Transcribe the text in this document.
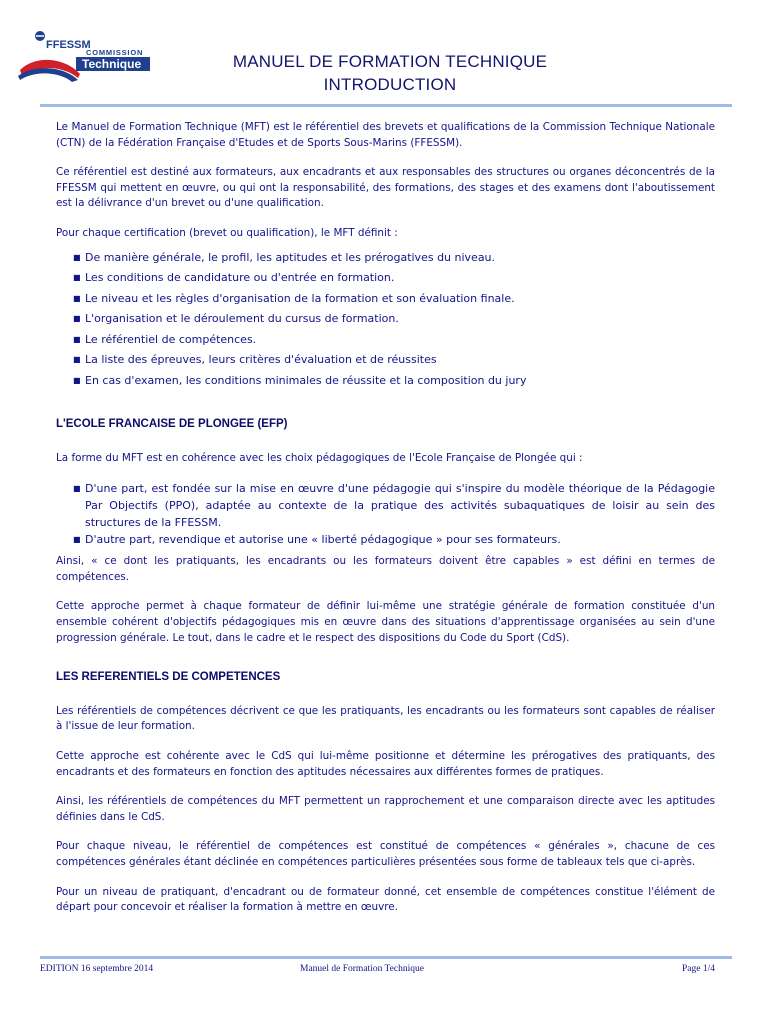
FFESSM
COMMISSION
Technique	MANUEL DE FORMATION TECHNIQUE
INTRODUCTION

Le Manuel de Formation Technique (MFT) est le référentiel des brevets et qualifications de la Commission Technique Nationale (CTN) de la Fédération Française d'Etudes et de Sports Sous-Marins (FFESSM).

Ce référentiel est destiné aux formateurs, aux encadrants et aux responsables des structures ou organes déconcentrés de la FFESSM qui mettent en œuvre, ou qui ont la responsabilité, des formations, des stages et des examens dont l'aboutissement est la délivrance d'un brevet ou d'une qualification.

Pour chaque certification (brevet ou qualification), le MFT définit :

■ De manière générale, le profil, les aptitudes et les prérogatives du niveau.
■ Les conditions de candidature ou d'entrée en formation.
■ Le niveau et les règles d'organisation de la formation et son évaluation finale.
■ L'organisation et le déroulement du cursus de formation.
■ Le référentiel de compétences.
■ La liste des épreuves, leurs critères d'évaluation et de réussites
■ En cas d'examen, les conditions minimales de réussite et la composition du jury
L'ECOLE FRANCAISE DE PLONGEE (EFP)

La forme du MFT est en cohérence avec les choix pédagogiques de l'Ecole Française de Plongée qui :

■ D'une part, est fondée sur la mise en œuvre d'une pédagogie qui s'inspire du modèle théorique de la Pédagogie Par Objectifs (PPO), adaptée au contexte de la pratique des activités subaquatiques de loisir au sein des structures de la FFESSM.
■ D'autre part, revendique et autorise une « liberté pédagogique » pour ses formateurs.

Ainsi, « ce dont les pratiquants, les encadrants ou les formateurs doivent être capables » est défini en termes de compétences.

Cette approche permet à chaque formateur de définir lui-même une stratégie générale de formation constituée d'un ensemble cohérent d'objectifs pédagogiques mis en œuvre dans des situations d'apprentissage organisées au sein d'une progression générale. Le tout, dans le cadre et le respect des dispositions du Code du Sport (CdS).

LES REFERENTIELS DE COMPETENCES

Les référentiels de compétences décrivent ce que les pratiquants, les encadrants ou les formateurs sont capables de réaliser à l'issue de leur formation.

Cette approche est cohérente avec le CdS qui lui-même positionne et détermine les prérogatives des pratiquants, des encadrants et des formateurs en fonction des aptitudes nécessaires aux différentes formes de pratiques.

Ainsi, les référentiels de compétences du MFT permettent un rapprochement et une comparaison directe avec les aptitudes définies dans le CdS.

Pour chaque niveau, le référentiel de compétences est constitué de compétences « générales », chacune de ces compétences générales étant déclinée en compétences particulières présentées sous forme de tableaux tels que ci-après.

Pour un niveau de pratiquant, d'encadrant ou de formateur donné, cet ensemble de compétences constitue l'élément de départ pour concevoir et réaliser la formation à mettre en œuvre.

EDITION 16 septembre 2014	Manuel de Formation Technique	Page 1/4
